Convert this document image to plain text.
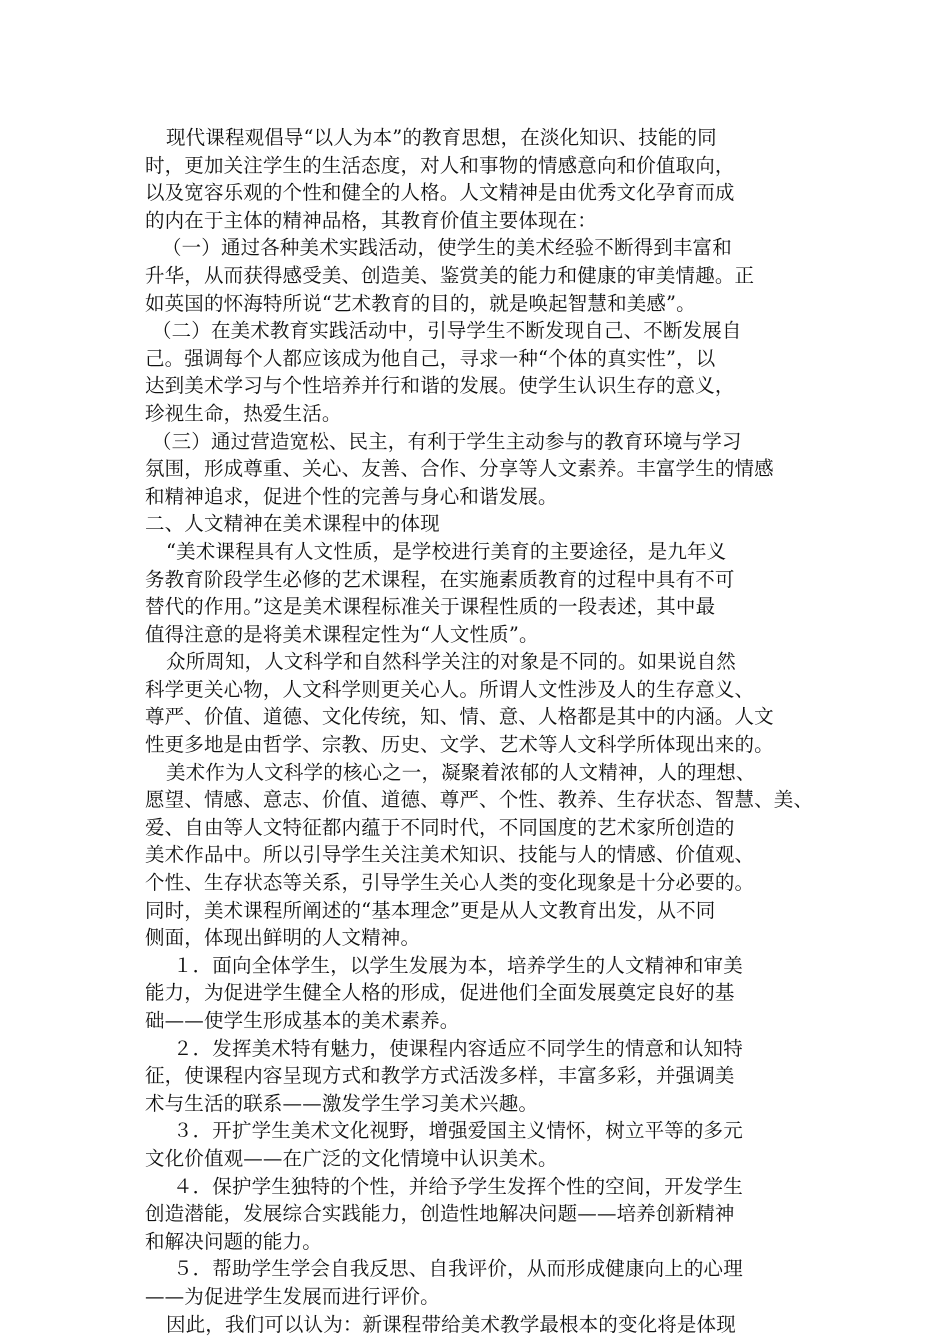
现代课程观倡导“以人为本”的教育思想，在淡化知识、技能的同
时，更加关注学生的生活态度，对人和事物的情感意向和价值取向，
以及宽容乐观的个性和健全的人格。人文精神是由优秀文化孕育而成
的内在于主体的精神品格，其教育价值主要体现在：
（一）通过各种美术实践活动，使学生的美术经验不断得到丰富和
升华，从而获得感受美、创造美、鉴赏美的能力和健康的审美情趣。正
如英国的怀海特所说“艺术教育的目的，就是唤起智慧和美感”。
（二）在美术教育实践活动中，引导学生不断发现自己、不断发展自
己。强调每个人都应该成为他自己，寻求一种“个体的真实性”，以
达到美术学习与个性培养并行和谐的发展。使学生认识生存的意义，
珍视生命，热爱生活。
（三）通过营造宽松、民主，有利于学生主动参与的教育环境与学习
氛围，形成尊重、关心、友善、合作、分享等人文素养。丰富学生的情感
和精神追求，促进个性的完善与身心和谐发展。
二、人文精神在美术课程中的体现
“美术课程具有人文性质，是学校进行美育的主要途径，是九年义
务教育阶段学生必修的艺术课程，在实施素质教育的过程中具有不可
替代的作用。”这是美术课程标准关于课程性质的一段表述，其中最
值得注意的是将美术课程定性为“人文性质”。
众所周知，人文科学和自然科学关注的对象是不同的。如果说自然
科学更关心物，人文科学则更关心人。所谓人文性涉及人的生存意义、
尊严、价值、道德、文化传统，知、情、意、人格都是其中的内涵。人文
性更多地是由哲学、宗教、历史、文学、艺术等人文科学所体现出来的。
美术作为人文科学的核心之一，凝聚着浓郁的人文精神，人的理想、
愿望、情感、意志、价值、道德、尊严、个性、教养、生存状态、智慧、美、
爱、自由等人文特征都内蕴于不同时代，不同国度的艺术家所创造的
美术作品中。所以引导学生关注美术知识、技能与人的情感、价值观、
个性、生存状态等关系，引导学生关心人类的变化现象是十分必要的。
同时，美术课程所阐述的“基本理念”更是从人文教育出发，从不同
侧面，体现出鲜明的人文精神。
１．面向全体学生，以学生发展为本，培养学生的人文精神和审美
能力，为促进学生健全人格的形成，促进他们全面发展奠定良好的基
础——使学生形成基本的美术素养。
２．发挥美术特有魅力，使课程内容适应不同学生的情意和认知特
征，使课程内容呈现方式和教学方式活泼多样，丰富多彩，并强调美
术与生活的联系——激发学生学习美术兴趣。
３．开扩学生美术文化视野，增强爱国主义情怀，树立平等的多元
文化价值观——在广泛的文化情境中认识美术。
４．保护学生独特的个性，并给予学生发挥个性的空间，开发学生
创造潜能，发展综合实践能力，创造性地解决问题——培养创新精神
和解决问题的能力。
５．帮助学生学会自我反思、自我评价，从而形成健康向上的心理
——为促进学生发展而进行评价。
因此，我们可以认为：新课程带给美术教学最根本的变化将是体现
